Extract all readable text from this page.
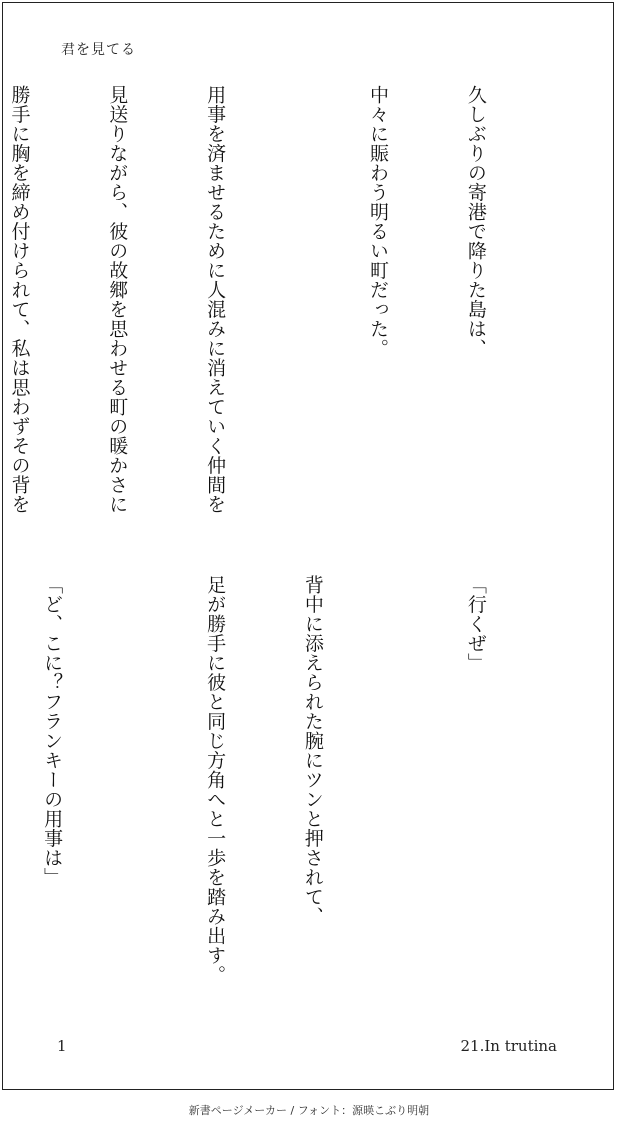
君を見てる

久しぶりの寄港で降りた島は、

中々に賑わう明るい町だった。

用事を済ませるために人混みに消えていく仲間を

見送りながら、彼の故郷を思わせる町の暖かさに

勝手に胸を締め付けられて、私は思わずその背を

「行くぜ」

背中に添えられた腕にツンと押されて、

足が勝手に彼と同じ方角へと一歩を踏み出す。

「ど、こに？フランキーの用事は」

1	21.In trutina
新書ページメーカー / フォント：源暎こぶり明朝
